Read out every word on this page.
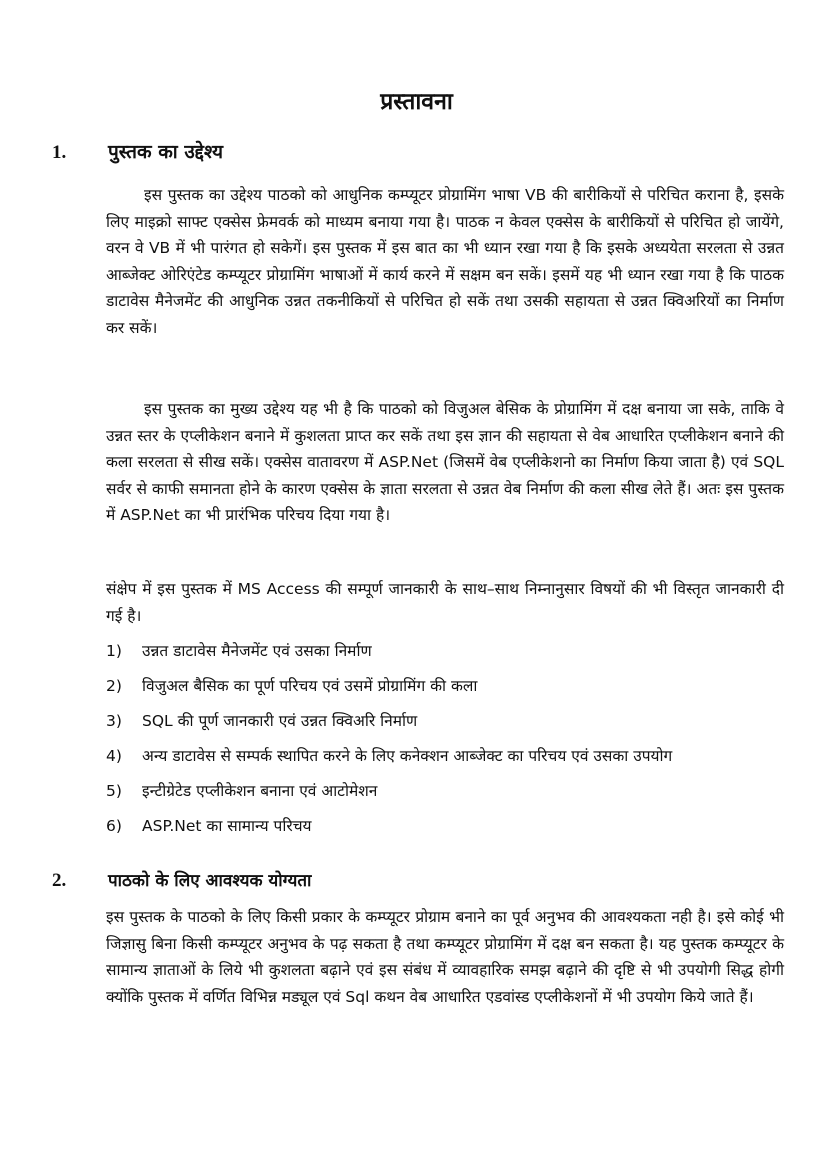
प्रस्तावना
1. पुस्तक का उद्देश्य

इस पुस्तक का उद्देश्य पाठको को आधुनिक कम्प्यूटर प्रोग्रामिंग भाषा VB की बारीकियों से परिचित कराना है, इसके लिए माइक्रो साफ्ट एक्सेस फ्रेमवर्क को माध्यम बनाया गया है। पाठक न केवल एक्सेस के बारीकियों से परिचित हो जायेंगे, वरन वे VB में भी पारंगत हो सकेगें। इस पुस्तक में इस बात का भी ध्यान रखा गया है कि इसके अध्ययेता सरलता से उन्नत आब्जेक्ट ओरिएंटेड कम्प्यूटर प्रोग्रामिंग भाषाओं में कार्य करने में सक्षम बन सकें। इसमें यह भी ध्यान रखा गया है कि पाठक डाटावेस मैनेजमेंट की आधुनिक उन्नत तकनीकियों से परिचित हो सकें तथा उसकी सहायता से उन्नत क्विअरियों का निर्माण कर सकें।

इस पुस्तक का मुख्य उद्देश्य यह भी है कि पाठको को विजुअल बेसिक के प्रोग्रामिंग में दक्ष बनाया जा सके, ताकि वे उन्नत स्तर के एप्लीकेशन बनाने में कुशलता प्राप्त कर सकें तथा इस ज्ञान की सहायता से वेब आधारित एप्लीकेशन बनाने की कला सरलता से सीख सकें। एक्सेस वातावरण में ASP.Net (जिसमें वेब एप्लीकेशनो का निर्माण किया जाता है) एवं SQL सर्वर से काफी समानता होने के कारण एक्सेस के ज्ञाता सरलता से उन्नत वेब निर्माण की कला सीख लेते हैं। अतः इस पुस्तक में ASP.Net का भी प्रारंभिक परिचय दिया गया है।

संक्षेप में इस पुस्तक में MS Access की सम्पूर्ण जानकारी के साथ–साथ निम्नानुसार विषयों की भी विस्तृत जानकारी दी गई है।

1) उन्नत डाटावेस मैनेजमेंट एवं उसका निर्माण
2) विजुअल बैसिक का पूर्ण परिचय एवं उसमें प्रोग्रामिंग की कला
3) SQL की पूर्ण जानकारी एवं उन्नत क्विअरि निर्माण
4) अन्य डाटावेस से सम्पर्क स्थापित करने के लिए कनेक्शन आब्जेक्ट का परिचय एवं उसका उपयोग
5) इन्टीग्रेटेड एप्लीकेशन बनाना एवं आटोमेशन
6) ASP.Net का सामान्य परिचय
2. पाठको के लिए आवश्यक योग्यता

इस पुस्तक के पाठको के लिए किसी प्रकार के कम्प्यूटर प्रोग्राम बनाने का पूर्व अनुभव की आवश्यकता नही है। इसे कोई भी जिज्ञासु बिना किसी कम्प्यूटर अनुभव के पढ़ सकता है तथा कम्प्यूटर प्रोग्रामिंग में दक्ष बन सकता है। यह पुस्तक कम्प्यूटर के सामान्य ज्ञाताओं के लिये भी कुशलता बढ़ाने एवं इस संबंध में व्यावहारिक समझ बढ़ाने की दृष्टि से भी उपयोगी सिद्ध होगी क्योंकि पुस्तक में वर्णित विभिन्न मड्यूल एवं Sql कथन वेब आधारित एडवांस्ड एप्लीकेशनों में भी उपयोग किये जाते हैं।
